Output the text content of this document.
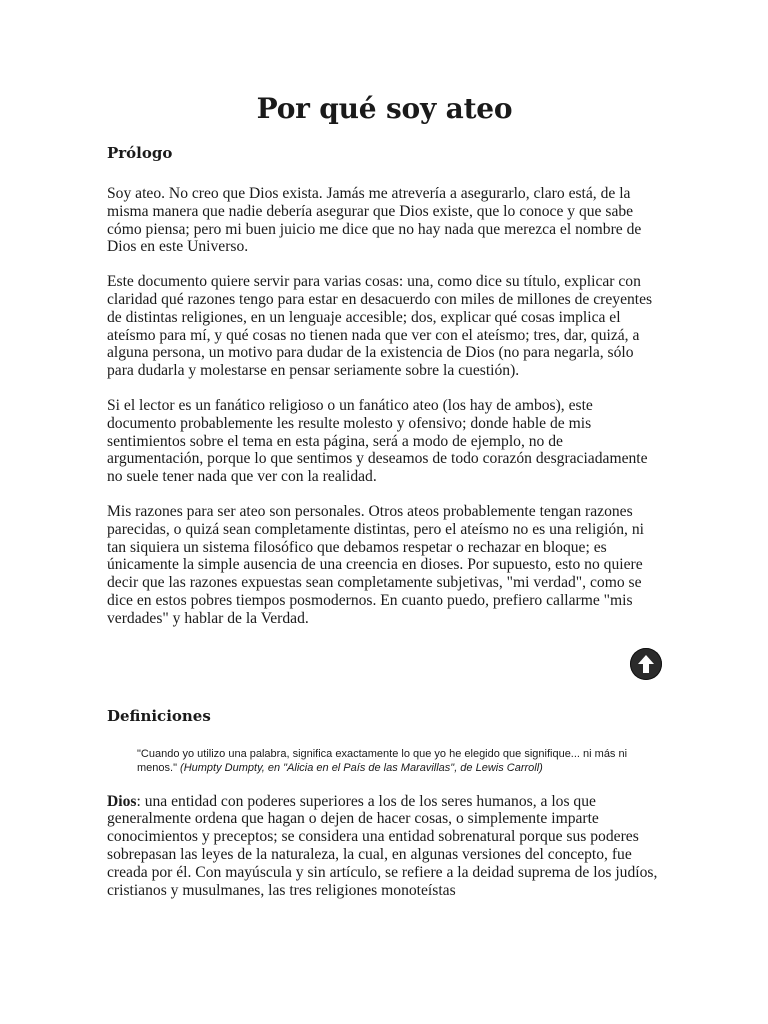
Por qué soy ateo
Prólogo

Soy ateo. No creo que Dios exista. Jamás me atrevería a asegurarlo, claro está, de la misma manera que nadie debería asegurar que Dios existe, que lo conoce y que sabe cómo piensa; pero mi buen juicio me dice que no hay nada que merezca el nombre de Dios en este Universo.

Este documento quiere servir para varias cosas: una, como dice su título, explicar con claridad qué razones tengo para estar en desacuerdo con miles de millones de creyentes de distintas religiones, en un lenguaje accesible; dos, explicar qué cosas implica el ateísmo para mí, y qué cosas no tienen nada que ver con el ateísmo; tres, dar, quizá, a alguna persona, un motivo para dudar de la existencia de Dios (no para negarla, sólo para dudarla y molestarse en pensar seriamente sobre la cuestión).

Si el lector es un fanático religioso o un fanático ateo (los hay de ambos), este documento probablemente les resulte molesto y ofensivo; donde hable de mis sentimientos sobre el tema en esta página, será a modo de ejemplo, no de argumentación, porque lo que sentimos y deseamos de todo corazón desgraciadamente no suele tener nada que ver con la realidad.

Mis razones para ser ateo son personales. Otros ateos probablemente tengan razones parecidas, o quizá sean completamente distintas, pero el ateísmo no es una religión, ni tan siquiera un sistema filosófico que debamos respetar o rechazar en bloque; es únicamente la simple ausencia de una creencia en dioses. Por supuesto, esto no quiere decir que las razones expuestas sean completamente subjetivas, "mi verdad", como se dice en estos pobres tiempos posmodernos. En cuanto puedo, prefiero callarme "mis verdades" y hablar de la Verdad.

Definiciones

"Cuando yo utilizo una palabra, significa exactamente lo que yo he elegido que signifique... ni más ni menos." (Humpty Dumpty, en "Alicia en el País de las Maravillas", de Lewis Carroll)

Dios: una entidad con poderes superiores a los de los seres humanos, a los que generalmente ordena que hagan o dejen de hacer cosas, o simplemente imparte conocimientos y preceptos; se considera una entidad sobrenatural porque sus poderes sobrepasan las leyes de la naturaleza, la cual, en algunas versiones del concepto, fue creada por él. Con mayúscula y sin artículo, se refiere a la deidad suprema de los judíos, cristianos y musulmanes, las tres religiones monoteístas
